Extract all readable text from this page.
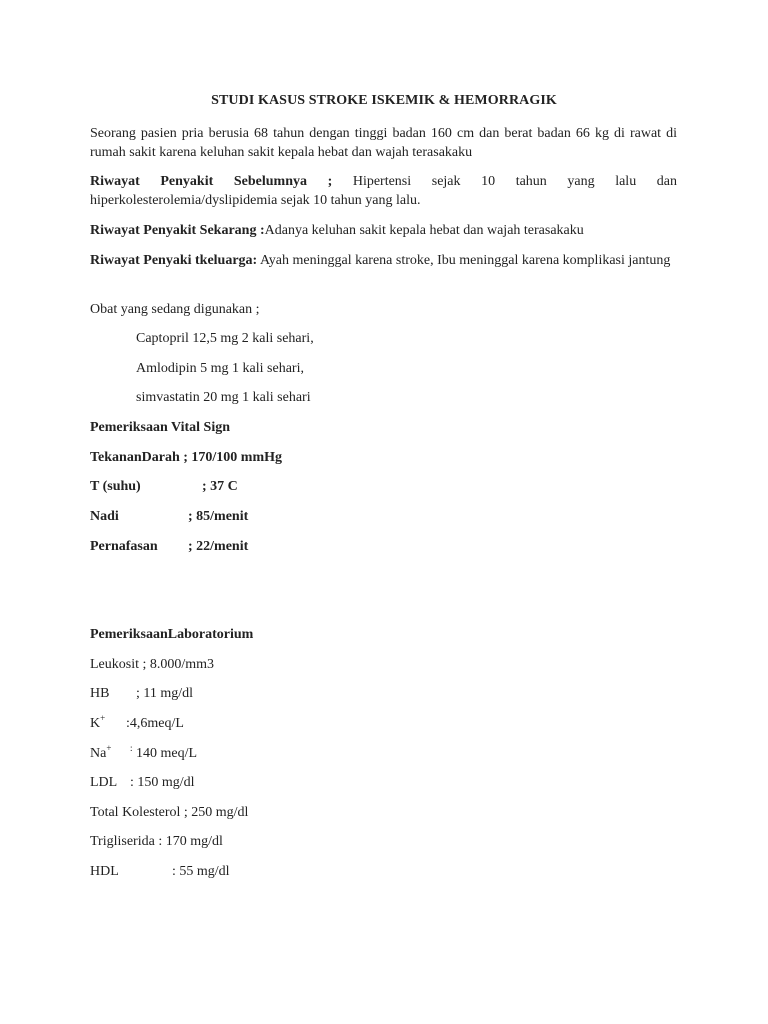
STUDI KASUS STROKE ISKEMIK & HEMORRAGIK
Seorang pasien pria berusia 68 tahun dengan tinggi badan 160 cm dan berat badan 66 kg di rawat di rumah sakit karena keluhan sakit kepala hebat dan wajah terasakaku
Riwayat Penyakit Sebelumnya ; Hipertensi sejak 10 tahun yang lalu dan hiperkolesterolemia/dyslipidemia sejak 10 tahun yang lalu.
Riwayat Penyakit Sekarang :Adanya keluhan sakit kepala hebat dan wajah terasakaku
Riwayat Penyaki tkeluarga: Ayah meninggal karena stroke, Ibu meninggal karena komplikasi jantung
Obat yang sedang digunakan ;
Captopril 12,5 mg 2 kali sehari,
Amlodipin 5 mg 1 kali sehari,
simvastatin 20 mg 1 kali sehari
Pemeriksaan Vital Sign
TekananDarah ; 170/100 mmHg
T (suhu)	; 37 C
Nadi	; 85/menit
Pernafasan ; 22/menit
PemeriksaanLaboratorium
Leukosit ; 8.000/mm3
HB ; 11 mg/dl
K+ :4,6meq/L
Na+ : 140 meq/L
LDL : 150 mg/dl
Total Kolesterol ; 250 mg/dl
Trigliserida : 170 mg/dl
HDL	: 55 mg/dl
